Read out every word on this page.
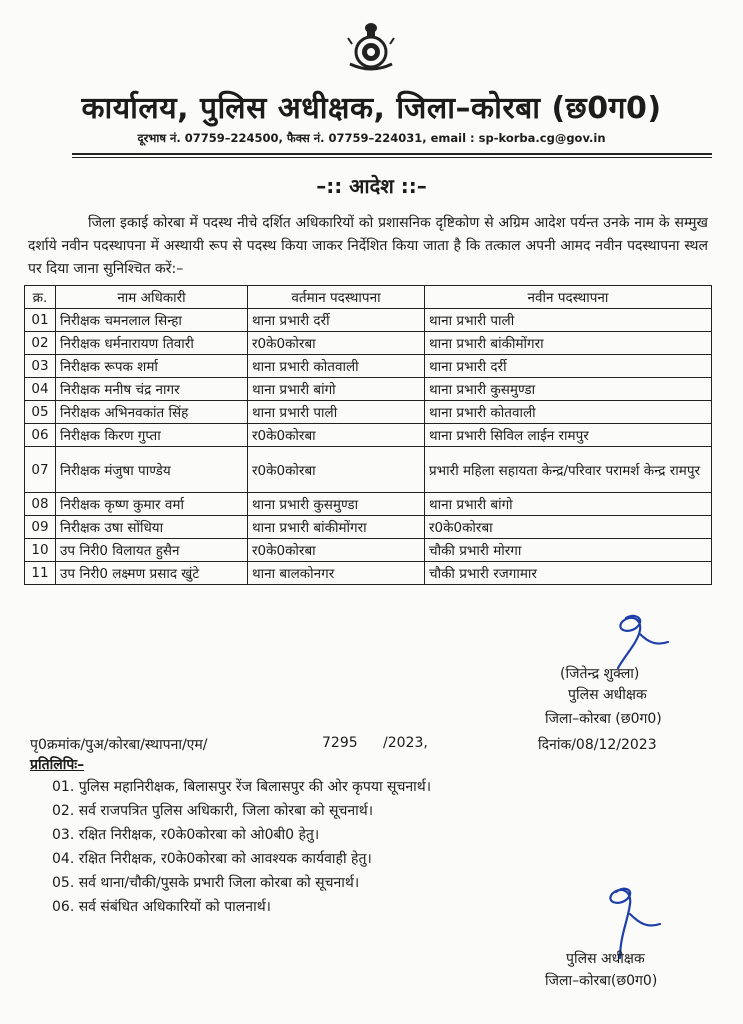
कार्यालय, पुलिस अधीक्षक, जिला–कोरबा (छ0ग0)
दूरभाष नं. 07759–224500, फैक्स नं. 07759–224031, email : sp-korba.cg@gov.in
–:: आदेश ::–
जिला इकाई कोरबा में पदस्थ नीचे दर्शित अधिकारियों को प्रशासनिक दृष्टिकोण से अग्रिम आदेश पर्यन्त उनके नाम के सम्मुख दर्शाये नवीन पदस्थापना में अस्थायी रूप से पदस्थ किया जाकर निर्देशित किया जाता है कि तत्काल अपनी आमद नवीन पदस्थापना स्थल पर दिया जाना सुनिश्चित करें:–
क्र.	नाम अधिकारी	वर्तमान पदस्थापना	नवीन पदस्थापना
01	निरीक्षक चमनलाल सिन्हा	थाना प्रभारी दर्री	थाना प्रभारी पाली
02	निरीक्षक धर्मनारायण तिवारी	र0के0कोरबा	थाना प्रभारी बांकीमोंगरा
03	निरीक्षक रूपक शर्मा	थाना प्रभारी कोतवाली	थाना प्रभारी दर्री
04	निरीक्षक मनीष चंद्र नागर	थाना प्रभारी बांगो	थाना प्रभारी कुसमुण्डा
05	निरीक्षक अभिनवकांत सिंह	थाना प्रभारी पाली	थाना प्रभारी कोतवाली
06	निरीक्षक किरण गुप्ता	र0के0कोरबा	थाना प्रभारी सिविल लाईन रामपुर
07	निरीक्षक मंजुषा पाण्डेय	र0के0कोरबा	प्रभारी महिला सहायता केन्द्र/परिवार परामर्श केन्द्र रामपुर
08	निरीक्षक कृष्ण कुमार वर्मा	थाना प्रभारी कुसमुण्डा	थाना प्रभारी बांगो
09	निरीक्षक उषा सोंधिया	थाना प्रभारी बांकीमोंगरा	र0के0कोरबा
10	उप निरी0 विलायत हुसैन	र0के0कोरबा	चौकी प्रभारी मोरगा
11	उप निरी0 लक्ष्मण प्रसाद खुंटे	थाना बालकोनगर	चौकी प्रभारी रजगामार
(जितेन्द्र शुक्ला)
पुलिस अधीक्षक
जिला–कोरबा (छ0ग0)
पृ0क्रमांक/पुअ/कोरबा/स्थापना/एम/	7295 /2023,	दिनांक/08/12/2023
प्रतिलिपिः–
01. पुलिस महानिरीक्षक, बिलासपुर रेंज बिलासपुर की ओर कृपया सूचनार्थ।
02. सर्व राजपत्रित पुलिस अधिकारी, जिला कोरबा को सूचनार्थ।
03. रक्षित निरीक्षक, र0के0कोरबा को ओ0बी0 हेतु।
04. रक्षित निरीक्षक, र0के0कोरबा को आवश्यक कार्यवाही हेतु।
05. सर्व थाना/चौकी/पुसके प्रभारी जिला कोरबा को सूचनार्थ।
06. सर्व संबंधित अधिकारियों को पालनार्थ।
पुलिस अधीक्षक
जिला–कोरबा(छ0ग0)
